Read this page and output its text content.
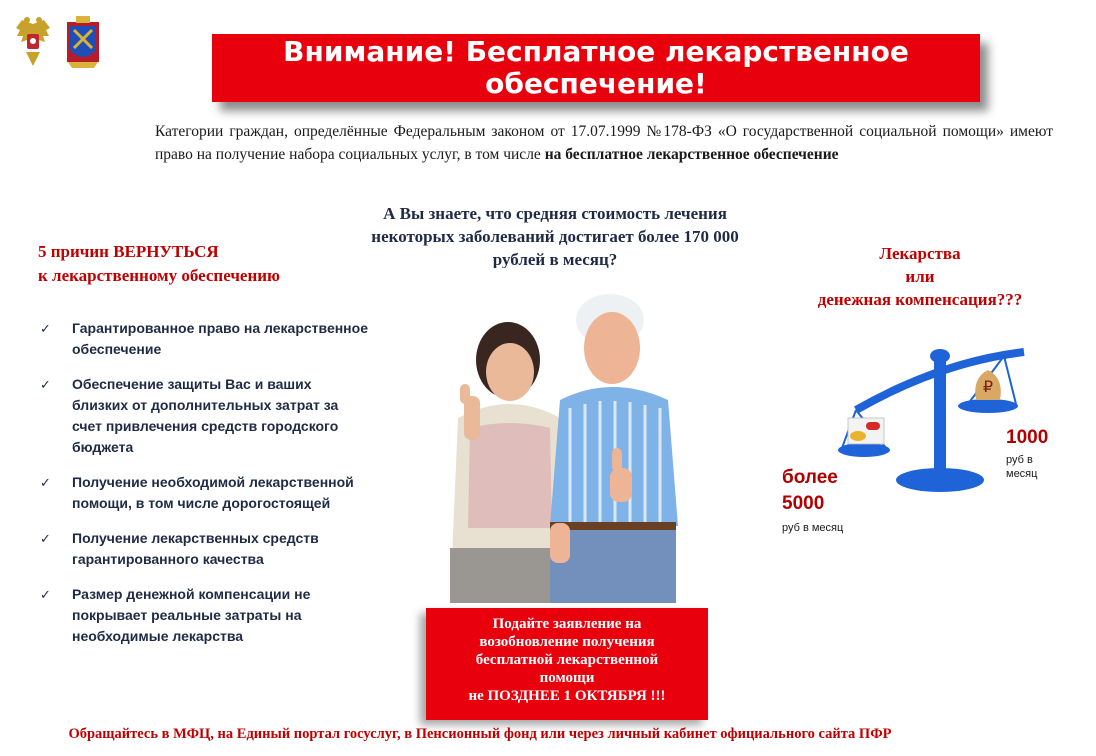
Внимание! Бесплатное лекарственное
обеспечение!
Категории граждан, определённые Федеральным законом от 17.07.1999 №178-ФЗ «О государственной социальной помощи» имеют право на получение набора социальных услуг, в том числе на бесплатное лекарственное обеспечение
А Вы знаете, что средняя стоимость лечения
некоторых заболеваний достигает более 170 000
рублей в месяц?
5 причин ВЕРНУТЬСЯ
к лекарственному обеспечению
✓	Гарантированное право на лекарственное обеспечение
✓	Обеспечение защиты Вас и ваших близких от дополнительных затрат за счет привлечения средств городского бюджета
✓	Получение необходимой лекарственной помощи, в том числе дорогостоящей
✓	Получение лекарственных средств гарантированного качества
✓	Размер денежной компенсации не покрывает реальные затраты на необходимые лекарства
Подайте заявление на
возобновление получения
бесплатной лекарственной
помощи
не ПОЗДНЕЕ 1 ОКТЯБРЯ !!!
Лекарства
или
денежная компенсация???
₽
1000
руб в месяц
более
5000
руб в месяц
Обращайтесь в МФЦ, на Единый портал госуслуг, в Пенсионный фонд или через личный кабинет официального сайта ПФР
